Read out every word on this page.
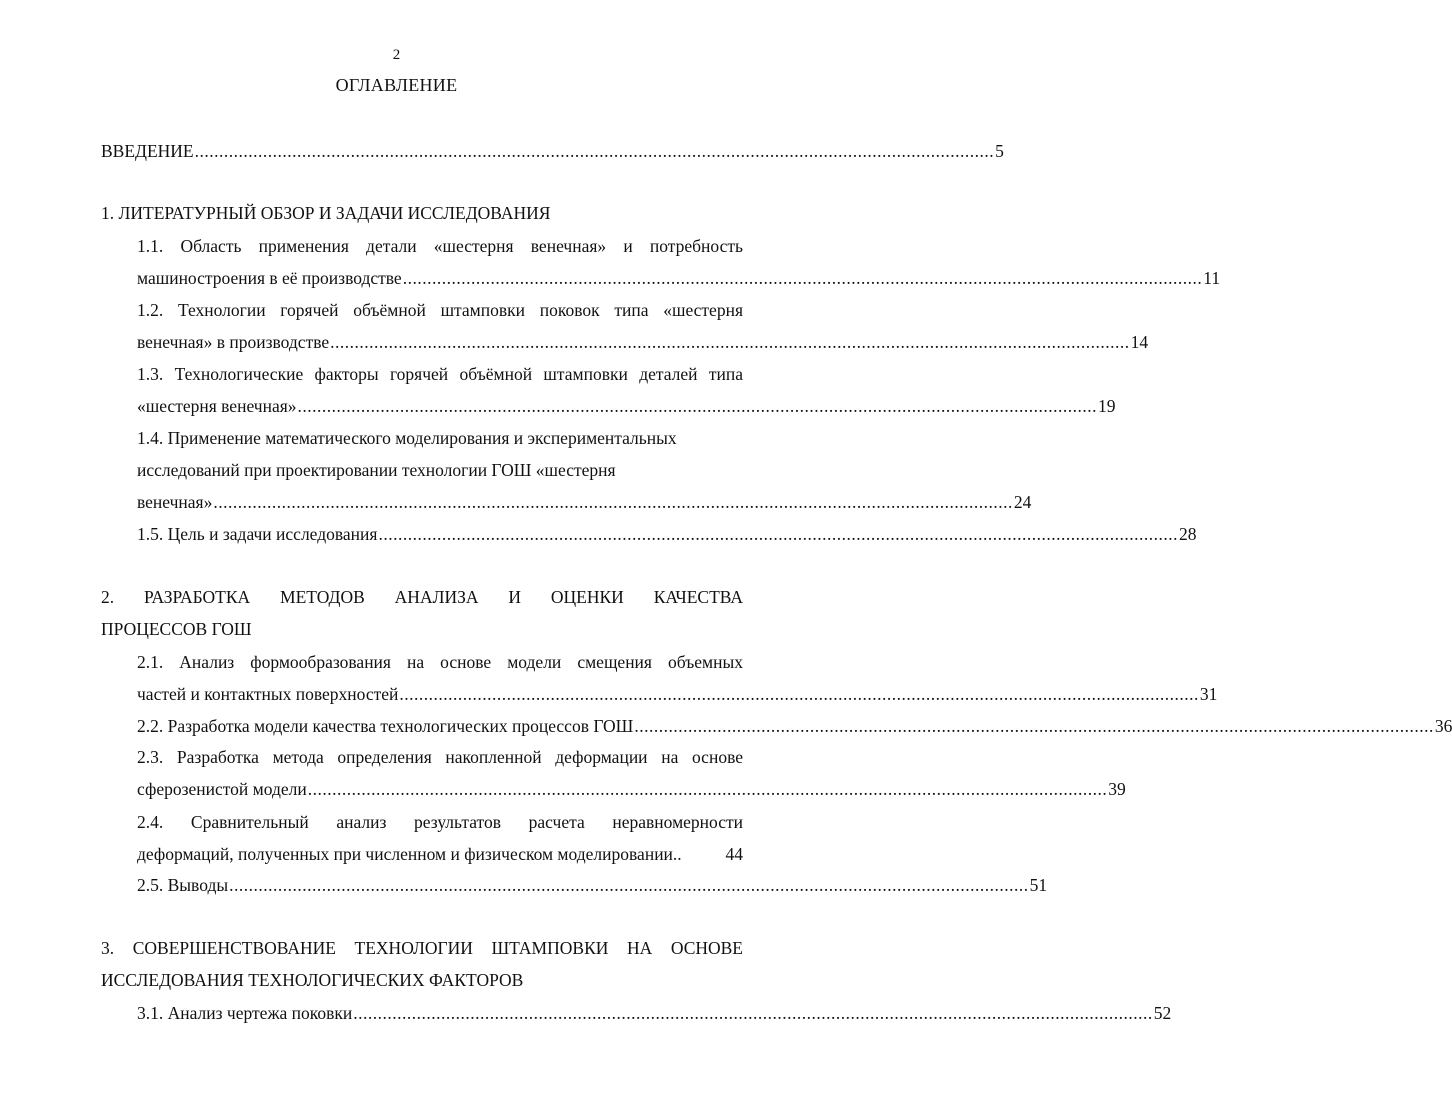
2
ОГЛАВЛЕНИЕ
ВВЕДЕНИЕ .................................................................................................................................................................... 5
1. ЛИТЕРАТУРНЫЙ ОБЗОР И ЗАДАЧИ ИССЛЕДОВАНИЯ
1.1. Область применения детали «шестерня венечная» и потребность
машиностроения в её производстве .................................................................................................................................................................... 11
1.2. Технологии горячей объёмной штамповки поковок типа «шестерня
венечная» в производстве .................................................................................................................................................................... 14
1.3. Технологические факторы горячей объёмной штамповки деталей типа
«шестерня венечная» .................................................................................................................................................................... 19
1.4. Применение математического моделирования и экспериментальных
исследований при проектировании технологии ГОШ «шестерня
венечная» .................................................................................................................................................................... 24
1.5. Цель и задачи исследования .................................................................................................................................................................... 28
2. РАЗРАБОТКА МЕТОДОВ АНАЛИЗА И ОЦЕНКИ КАЧЕСТВА
ПРОЦЕССОВ ГОШ
2.1. Анализ формообразования на основе модели смещения объемных
частей и контактных поверхностей .................................................................................................................................................................... 31
2.2. Разработка модели качества технологических процессов ГОШ .................................................................................................................................................................... 36
2.3. Разработка метода определения накопленной деформации на основе
сферозенистой модели .................................................................................................................................................................... 39
2.4. Сравнительный анализ результатов расчета неравномерности
деформаций, полученных при численном и физическом моделировании..	44
2.5. Выводы .................................................................................................................................................................... 51
3. СОВЕРШЕНСТВОВАНИЕ ТЕХНОЛОГИИ ШТАМПОВКИ НА ОСНОВЕ
ИССЛЕДОВАНИЯ ТЕХНОЛОГИЧЕСКИХ ФАКТОРОВ
3.1. Анализ чертежа поковки .................................................................................................................................................................... 52
